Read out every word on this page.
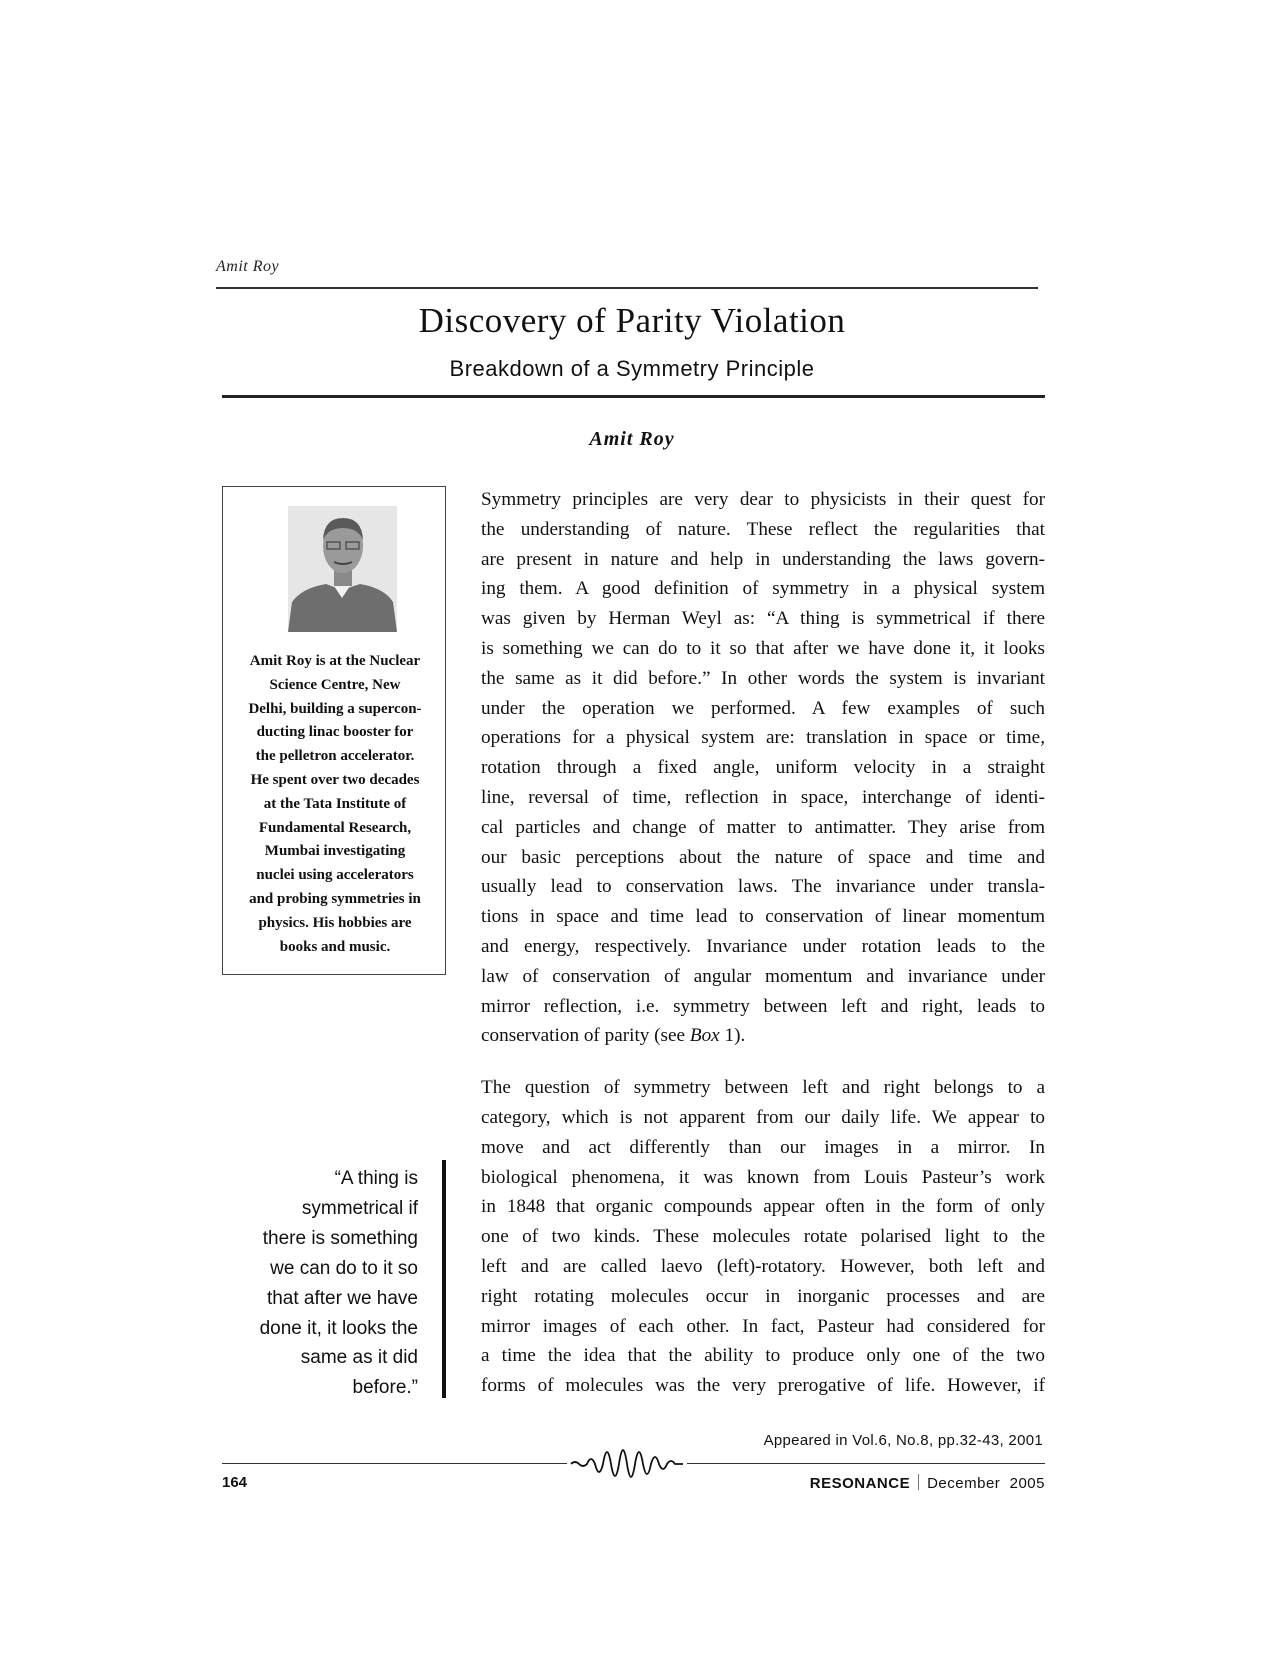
Amit Roy
Discovery of Parity Violation
Breakdown of a Symmetry Principle
Amit Roy
Amit Roy is at the Nuclear
Science Centre, New
Delhi, building a supercon-
ducting linac booster for
the pelletron accelerator.
He spent over two decades
at the Tata Institute of
Fundamental Research,
Mumbai investigating
nuclei using accelerators
and probing symmetries in
physics. His hobbies are
books and music.
Symmetry principles are very dear to physicists in their quest for
the understanding of nature. These reflect the regularities that
are present in nature and help in understanding the laws govern-
ing them. A good definition of symmetry in a physical system
was given by Herman Weyl as: “A thing is symmetrical if there
is something we can do to it so that after we have done it, it looks
the same as it did before.” In other words the system is invariant
under the operation we performed. A few examples of such
operations for a physical system are: translation in space or time,
rotation through a fixed angle, uniform velocity in a straight
line, reversal of time, reflection in space, interchange of identi-
cal particles and change of matter to antimatter. They arise from
our basic perceptions about the nature of space and time and
usually lead to conservation laws. The invariance under transla-
tions in space and time lead to conservation of linear momentum
and energy, respectively. Invariance under rotation leads to the
law of conservation of angular momentum and invariance under
mirror reflection, i.e. symmetry between left and right, leads to
conservation of parity (see Box 1).
The question of symmetry between left and right belongs to a
category, which is not apparent from our daily life. We appear to
move and act differently than our images in a mirror. In
biological phenomena, it was known from Louis Pasteur’s work
in 1848 that organic compounds appear often in the form of only
one of two kinds. These molecules rotate polarised light to the
left and are called laevo (left)-rotatory. However, both left and
right rotating molecules occur in inorganic processes and are
mirror images of each other. In fact, Pasteur had considered for
a time the idea that the ability to produce only one of the two
forms of molecules was the very prerogative of life. However, if
“A thing is
symmetrical if
there is something
we can do to it so
that after we have
done it, it looks the
same as it did
before.”
Appeared in Vol.6, No.8, pp.32-43, 2001
164	RESONANCE December  2005
